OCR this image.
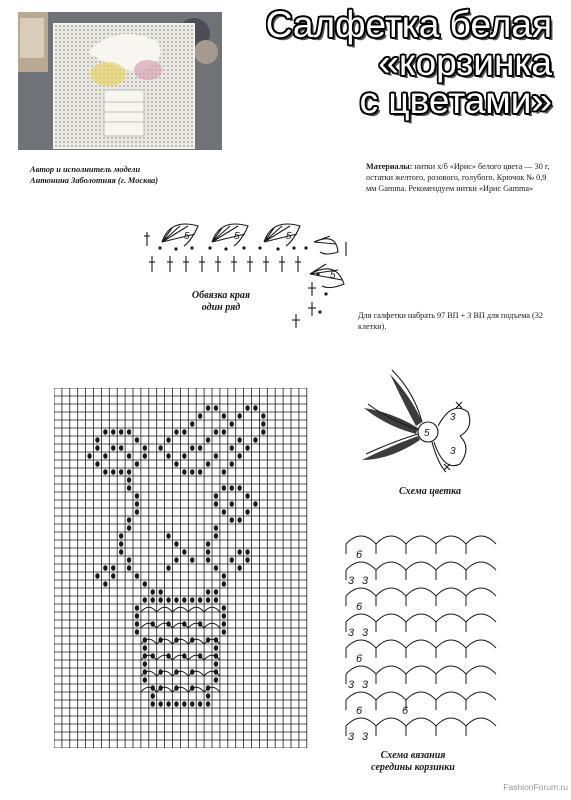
Салфетка белая
«корзинка
с цветами»
Автор и исполнитель модели
Антонина Заболотняя (г. Москва)
Материалы: нитки х/б «Ирис» белого цвета — 30 г, остатки желтого, розового, голубого. Крючок № 0,9 мм Gamma. Рекомендуем нитки «Ирис Gamma»
5	5	5
5
Обвязка края
один ряд
Для салфетки набрать 97 ВП + 3 ВП для подъема (32 клетки).
5
3
3
Схема цветка
6
3 3
6
3 3
6
3 3
6	6
3 3
Схема вязания
середины корзинки
FashionForum.ru
